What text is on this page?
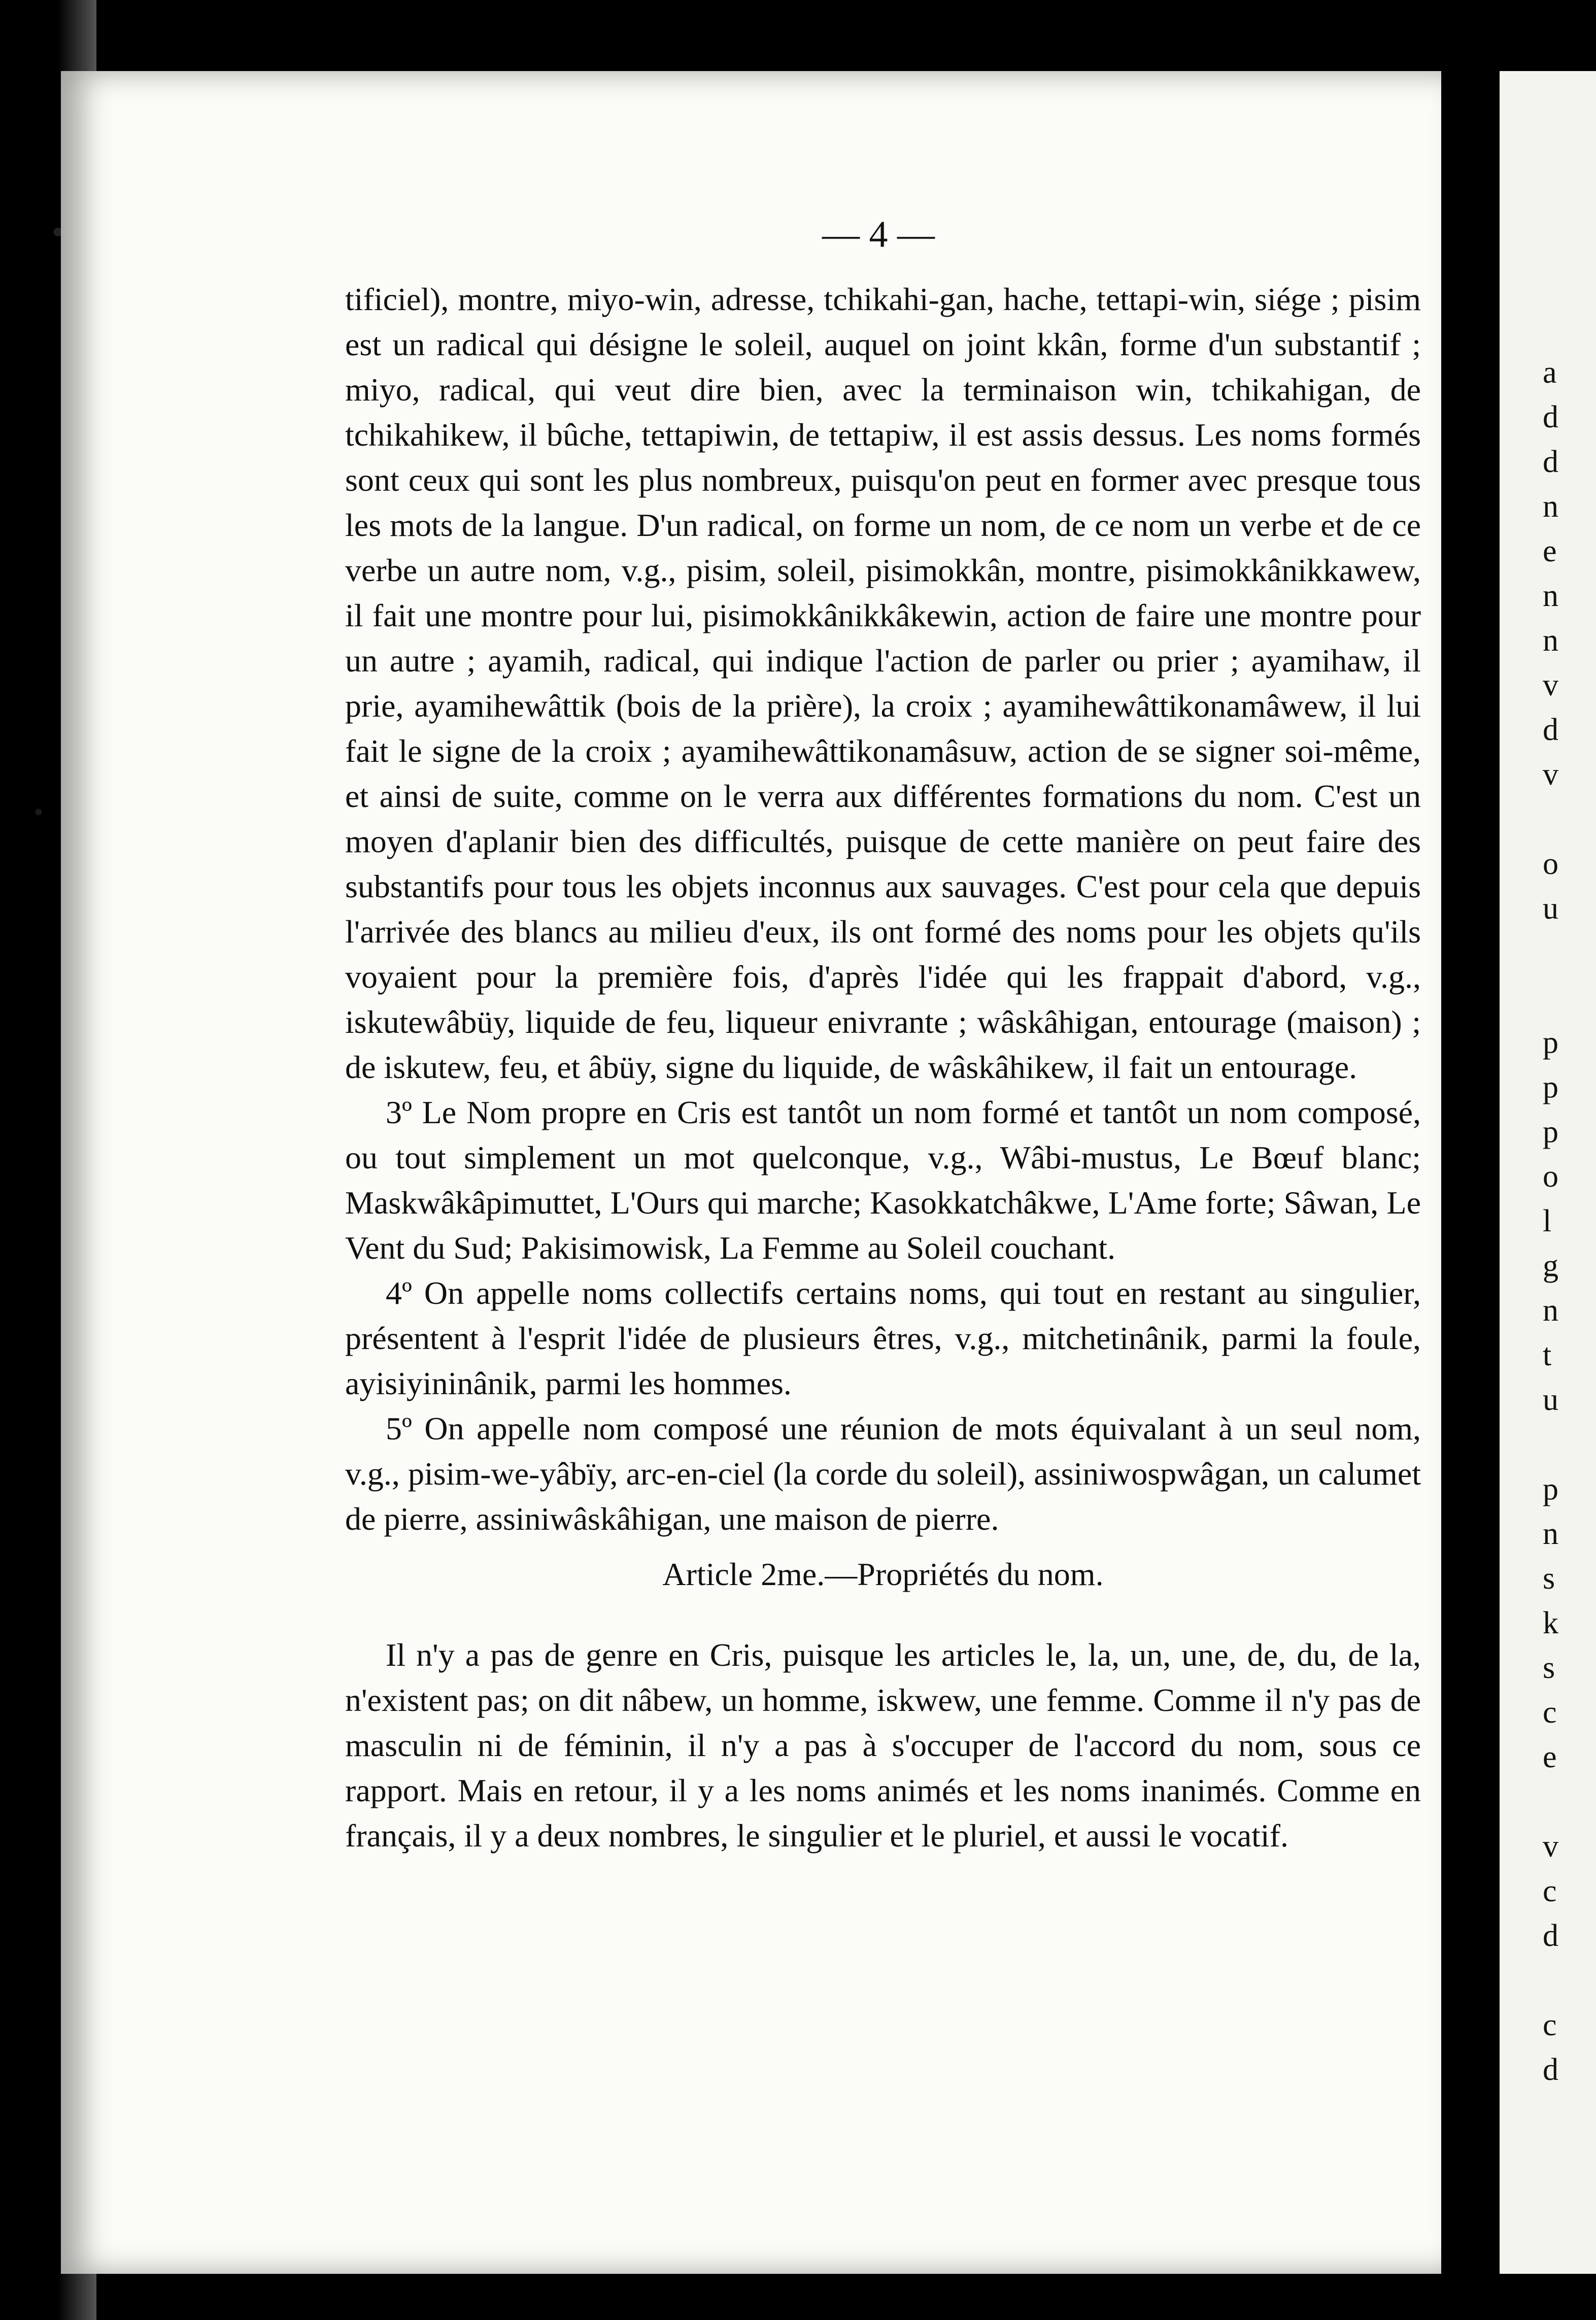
a
d
d
n
e
n
n
v
d
v

o
u

p
p
p
o
l
g
n
t
u

p
n
s
k
s
c
e

v
c
d

c
d
— 4 —

tificiel), montre, miyo-win, adresse, tchikahi-gan, hache, tettapi-win, siége ; pisim est un radical qui désigne le soleil, auquel on joint kkân, forme d'un substantif ; miyo, radical, qui veut dire bien, avec la terminaison win, tchikahigan, de tchikahikew, il bûche, tettapiwin, de tettapiw, il est assis dessus. Les noms formés sont ceux qui sont les plus nombreux, puisqu'on peut en former avec presque tous les mots de la langue. D'un radical, on forme un nom, de ce nom un verbe et de ce verbe un autre nom, v.g., pisim, soleil, pisimokkân, montre, pisimokkânikkawew, il fait une montre pour lui, pisimokkânikkâkewin, action de faire une montre pour un autre ; ayamih, radical, qui indique l'action de parler ou prier ; ayamihaw, il prie, ayamihewâttik (bois de la prière), la croix ; ayamihewâttikonamâwew, il lui fait le signe de la croix ; ayamihewâttikonamâsuw, action de se signer soi-même, et ainsi de suite, comme on le verra aux différentes formations du nom. C'est un moyen d'aplanir bien des difficultés, puisque de cette manière on peut faire des substantifs pour tous les objets inconnus aux sauvages. C'est pour cela que depuis l'arrivée des blancs au milieu d'eux, ils ont formé des noms pour les objets qu'ils voyaient pour la première fois, d'après l'idée qui les frappait d'abord, v.g., iskutewâbüy, liquide de feu, liqueur enivrante ; wâskâhigan, entourage (maison) ; de iskutew, feu, et âbüy, signe du liquide, de wâskâhikew, il fait un entourage.

3º Le Nom propre en Cris est tantôt un nom formé et tantôt un nom composé, ou tout simplement un mot quelconque, v.g., Wâbi-mustus, Le Bœuf blanc; Maskwâkâpimuttet, L'Ours qui marche; Kasokkatchâkwe, L'Ame forte; Sâwan, Le Vent du Sud; Pakisimowisk, La Femme au Soleil couchant.

4º On appelle noms collectifs certains noms, qui tout en restant au singulier, présentent à l'esprit l'idée de plusieurs êtres, v.g., mitchetinânik, parmi la foule, ayisiyininânik, parmi les hommes.

5º On appelle nom composé une réunion de mots équivalant à un seul nom, v.g., pisim-we-yâbïy, arc-en-ciel (la corde du soleil), assiniwospwâgan, un calumet de pierre, assiniwâskâhigan, une maison de pierre.

Article 2me.—Propriétés du nom.

Il n'y a pas de genre en Cris, puisque les articles le, la, un, une, de, du, de la, n'existent pas; on dit nâbew, un homme, iskwew, une femme. Comme il n'y pas de masculin ni de féminin, il n'y a pas à s'occuper de l'accord du nom, sous ce rapport. Mais en retour, il y a les noms animés et les noms inanimés. Comme en français, il y a deux nombres, le singulier et le pluriel, et aussi le vocatif.
